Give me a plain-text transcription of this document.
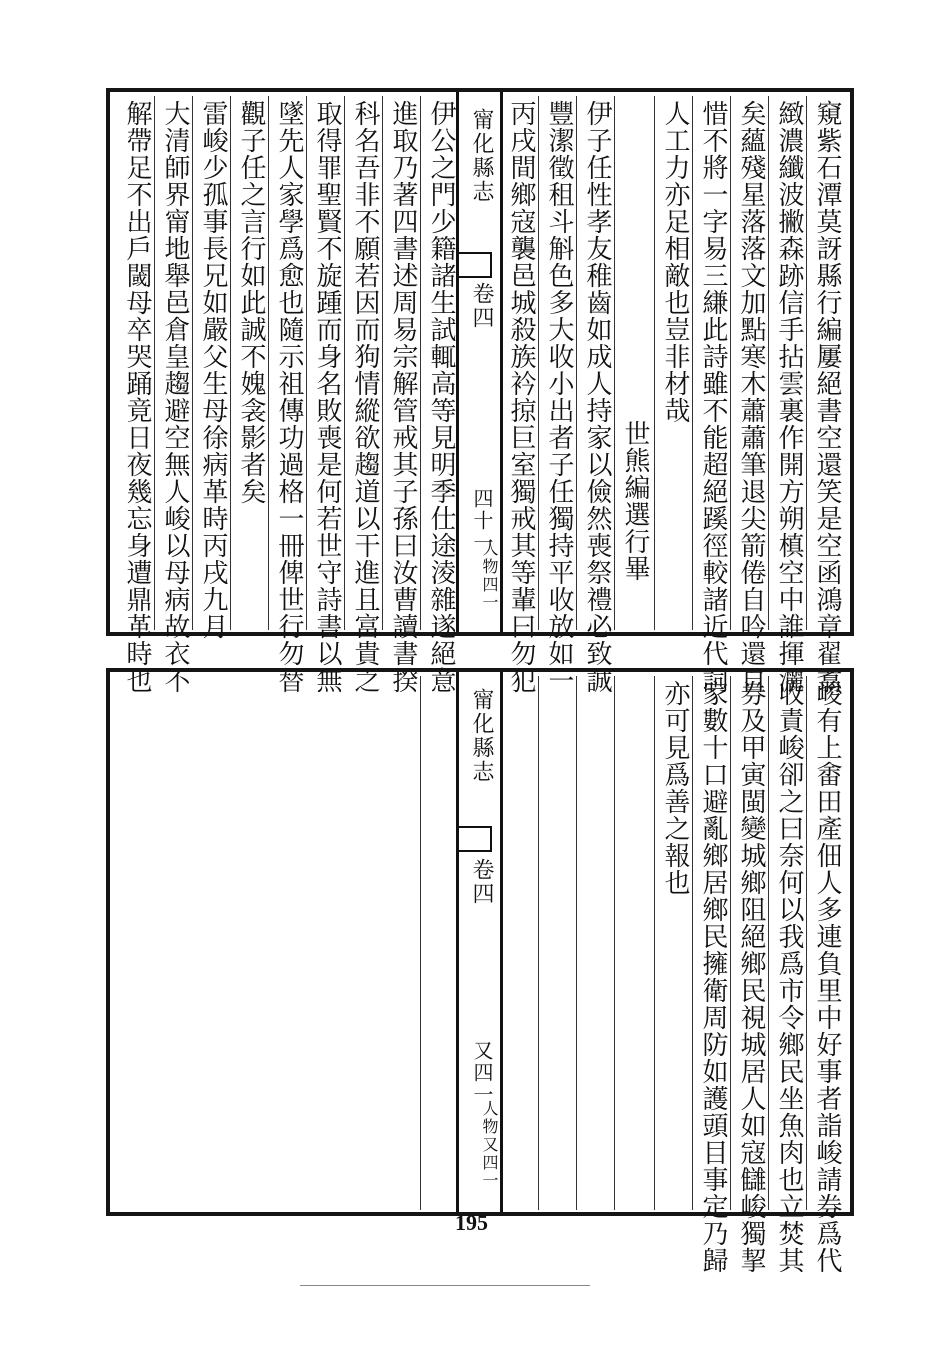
窺紫石潭莫訝縣行編屢絕書空還笑是空函鴻章翟翥
緻濃纖波撇森跡信手拈雲裏作開方朔槙空中誰揮灑
矣蘊殘星落落文加點寒木蕭蕭筆退尖箭倦自吟還自
惜不將一字易三縑此詩雖不能超絕蹊徑較諸近代詞
人工力亦足相敵也豈非材哉
世熊編選行畢
伊子任性孝友稚齒如成人持家以儉然喪祭禮必致誠
豐潔徵租斗斛色多大收小出者子任獨持平收放如一
丙戌間鄉寇襲邑城殺族衿掠巨室獨戒其等輩曰勿犯
甯化縣志
卷四
四十一
人物四一
伊公之門少籍諸生試輒高等見明季仕途淩雜遂絕意
進取乃著四書述周易宗解管戒其子孫曰汝曹讀書揆
科名吾非不願若因而狗情縱欲趨道以干進且富貴之
取得罪聖賢不旋踵而身名敗喪是何若世守詩書以無
墜先人家學爲愈也隨示祖傳功過格一冊俾世行勿替
觀子任之言行如此誠不媿衾影者矣
雷峻少孤事長兄如嚴父生母徐病革時丙戌九月
大清師界甯地舉邑倉皇趨避空無人峻以母病故衣不
解帶足不出戶閾母卒哭踊竟日夜幾忘身遭鼎革時也
峻有上畬田產佃人多連負里中好事者詣峻請券爲代
收責峻卻之曰奈何以我爲市令鄉民坐魚肉也立焚其
券及甲寅閩變城鄉阻絕鄉民視城居人如寇讎峻獨挈
家數十口避亂鄉居鄉民擁衛周防如護頭目事定乃歸
亦可見爲善之報也
甯化縣志
卷四
又四一
人物又四一
195
